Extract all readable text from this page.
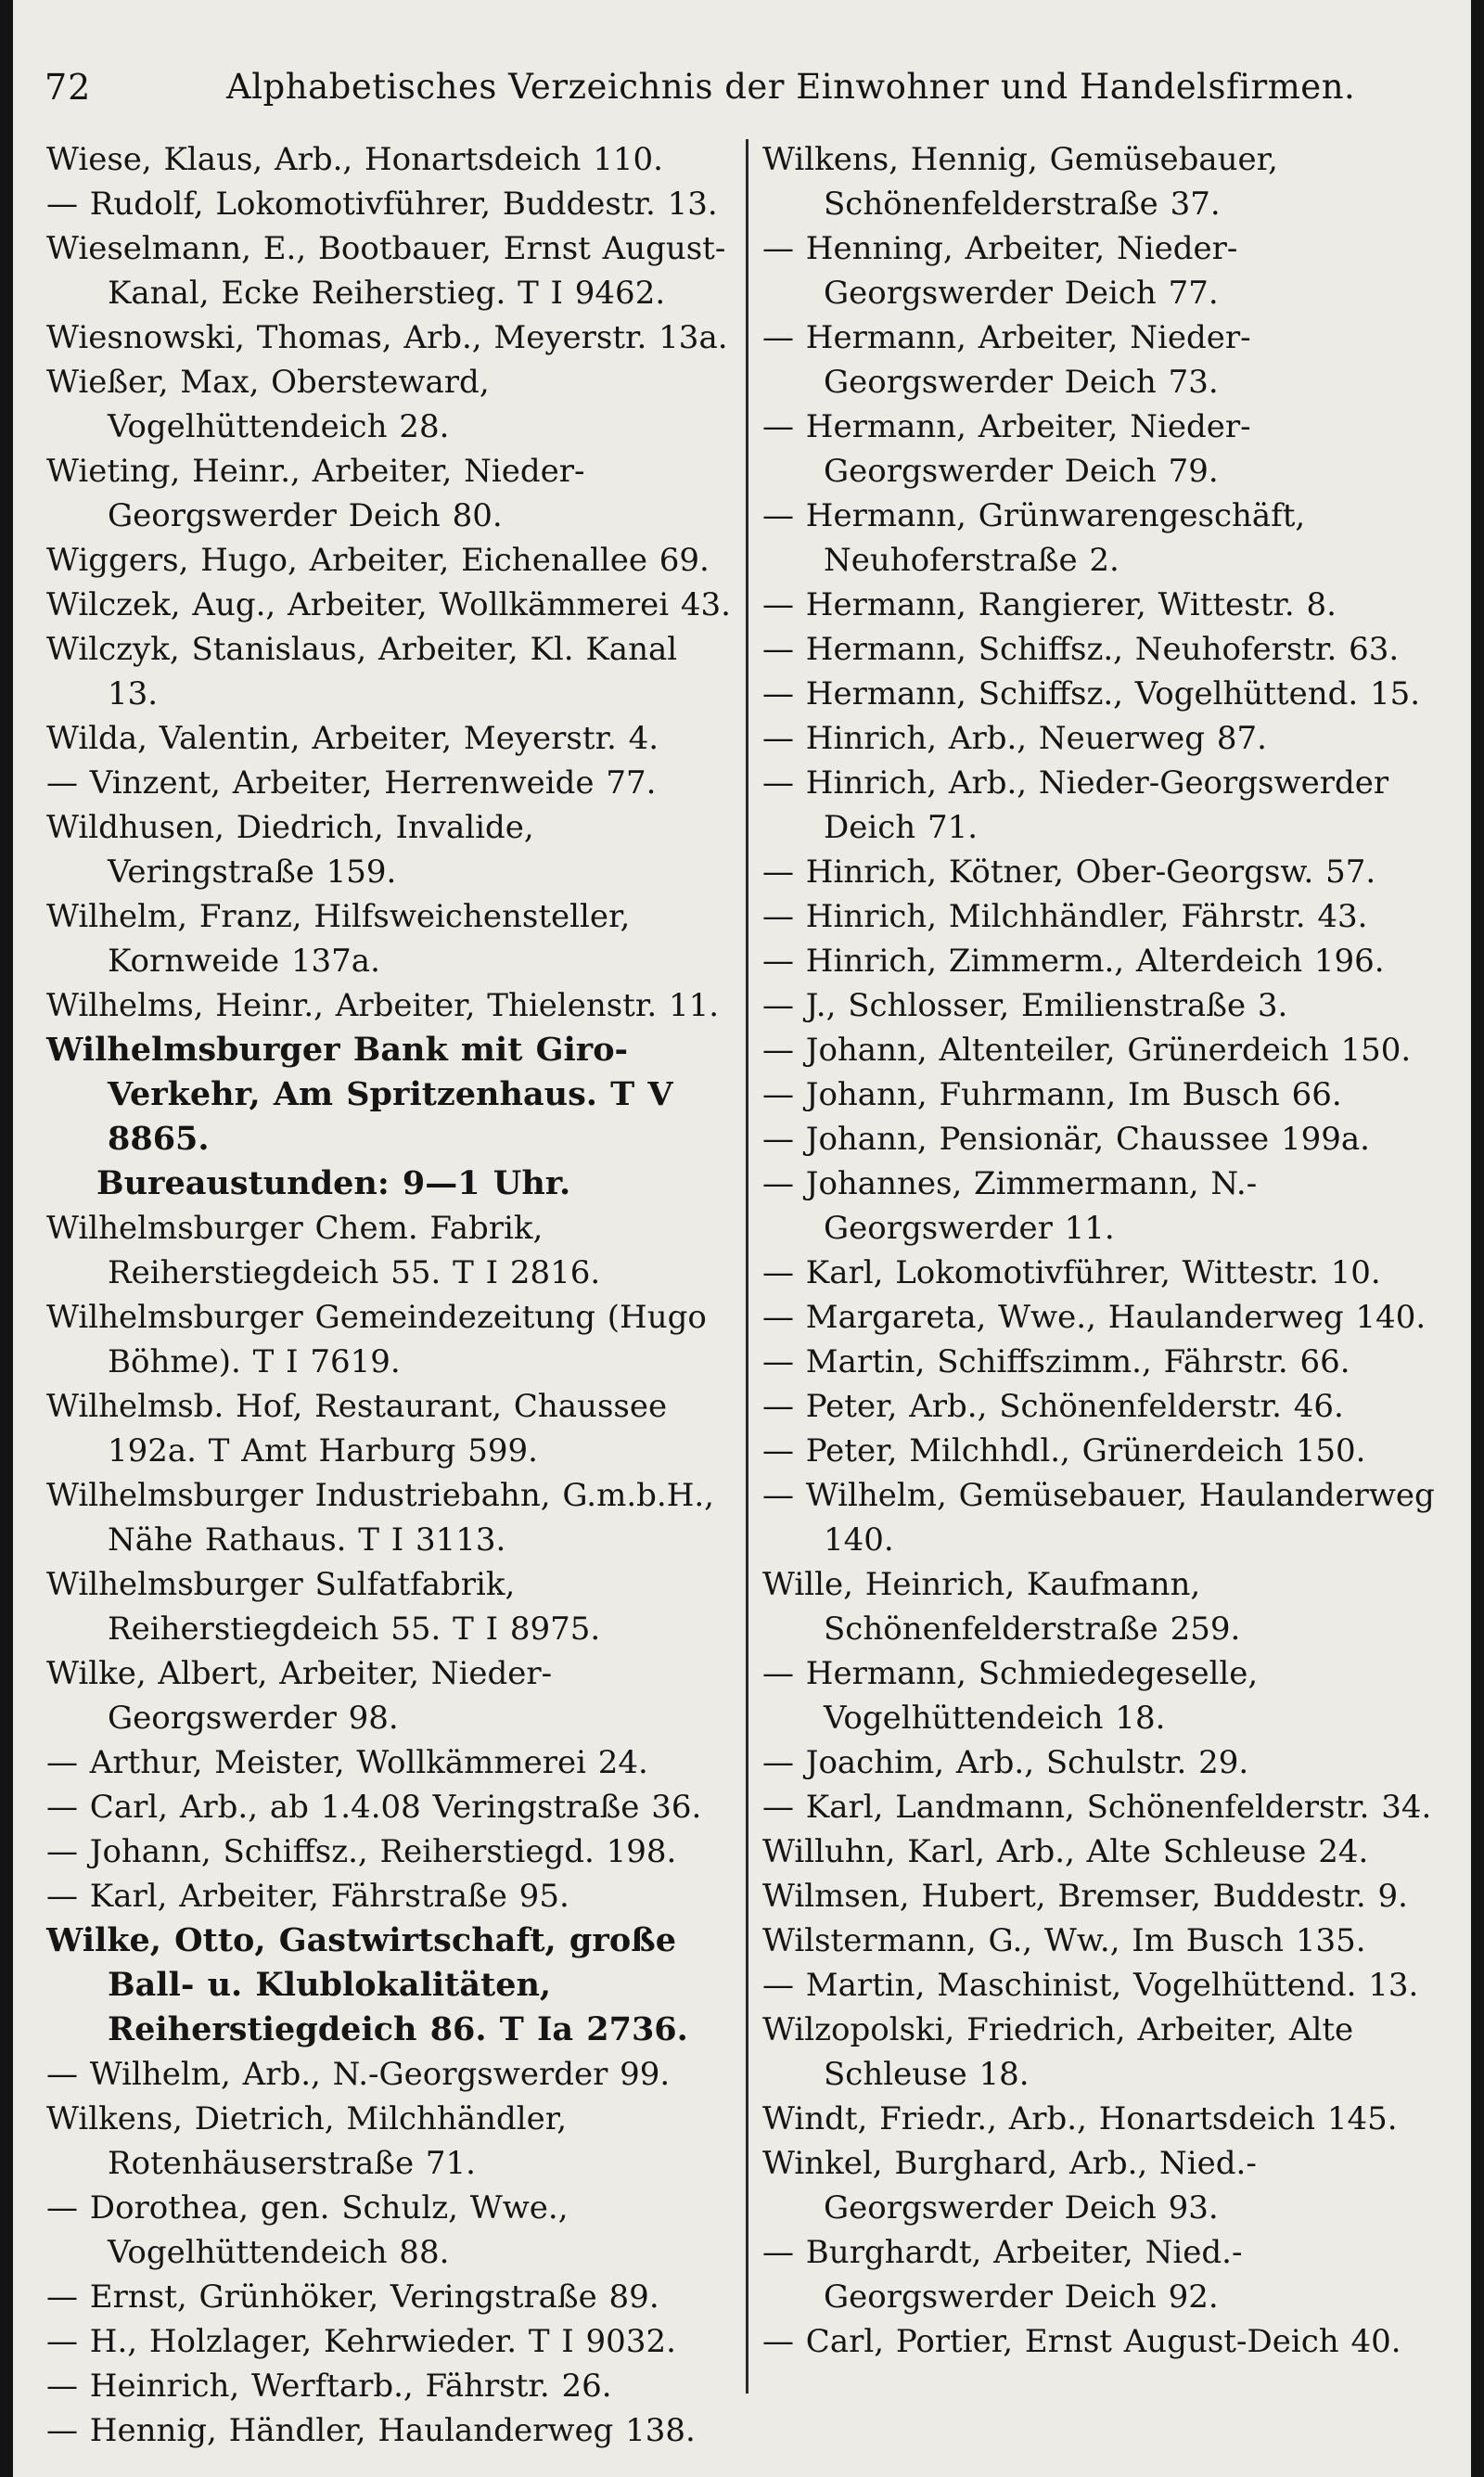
72	Alphabetisches Verzeichnis der Einwohner und Handelsfirmen.
Wiese, Klaus, Arb., Honartsdeich 110.
— Rudolf, Lokomotivführer, Buddestr. 13.
Wieselmann, E., Bootbauer, Ernst August-Kanal, Ecke Reiherstieg. T I 9462.
Wiesnowski, Thomas, Arb., Meyerstr. 13a.
Wießer, Max, Obersteward, Vogelhüttendeich 28.
Wieting, Heinr., Arbeiter, Nieder-Georgswerder Deich 80.
Wiggers, Hugo, Arbeiter, Eichenallee 69.
Wilczek, Aug., Arbeiter, Wollkämmerei 43.
Wilczyk, Stanislaus, Arbeiter, Kl. Kanal 13.
Wilda, Valentin, Arbeiter, Meyerstr. 4.
— Vinzent, Arbeiter, Herrenweide 77.
Wildhusen, Diedrich, Invalide, Veringstraße 159.
Wilhelm, Franz, Hilfsweichensteller, Kornweide 137a.
Wilhelms, Heinr., Arbeiter, Thielenstr. 11.
Wilhelmsburger Bank mit Giro-Verkehr, Am Spritzenhaus. T V 8865.
Bureaustunden: 9—1 Uhr.
Wilhelmsburger Chem. Fabrik, Reiherstiegdeich 55. T I 2816.
Wilhelmsburger Gemeindezeitung (Hugo Böhme). T I 7619.
Wilhelmsb. Hof, Restaurant, Chaussee 192a. T Amt Harburg 599.
Wilhelmsburger Industriebahn, G.m.b.H., Nähe Rathaus. T I 3113.
Wilhelmsburger Sulfatfabrik, Reiherstiegdeich 55. T I 8975.
Wilke, Albert, Arbeiter, Nieder-Georgswerder 98.
— Arthur, Meister, Wollkämmerei 24.
— Carl, Arb., ab 1.4.08 Veringstraße 36.
— Johann, Schiffsz., Reiherstiegd. 198.
— Karl, Arbeiter, Fährstraße 95.
Wilke, Otto, Gastwirtschaft, große Ball- u. Klublokalitäten, Reiherstiegdeich 86. T Ia 2736.
— Wilhelm, Arb., N.-Georgswerder 99.
Wilkens, Dietrich, Milchhändler, Rotenhäuserstraße 71.
— Dorothea, gen. Schulz, Wwe., Vogelhüttendeich 88.
— Ernst, Grünhöker, Veringstraße 89.
— H., Holzlager, Kehrwieder. T I 9032.
— Heinrich, Werftarb., Fährstr. 26.
— Hennig, Händler, Haulanderweg 138.
Wilkens, Hennig, Gemüsebauer, Schönenfelderstraße 37.
— Henning, Arbeiter, Nieder-Georgswerder Deich 77.
— Hermann, Arbeiter, Nieder-Georgswerder Deich 73.
— Hermann, Arbeiter, Nieder-Georgswerder Deich 79.
— Hermann, Grünwarengeschäft, Neuhoferstraße 2.
— Hermann, Rangierer, Wittestr. 8.
— Hermann, Schiffsz., Neuhoferstr. 63.
— Hermann, Schiffsz., Vogelhüttend. 15.
— Hinrich, Arb., Neuerweg 87.
— Hinrich, Arb., Nieder-Georgswerder Deich 71.
— Hinrich, Kötner, Ober-Georgsw. 57.
— Hinrich, Milchhändler, Fährstr. 43.
— Hinrich, Zimmerm., Alterdeich 196.
— J., Schlosser, Emilienstraße 3.
— Johann, Altenteiler, Grünerdeich 150.
— Johann, Fuhrmann, Im Busch 66.
— Johann, Pensionär, Chaussee 199a.
— Johannes, Zimmermann, N.-Georgswerder 11.
— Karl, Lokomotivführer, Wittestr. 10.
— Margareta, Wwe., Haulanderweg 140.
— Martin, Schiffszimm., Fährstr. 66.
— Peter, Arb., Schönenfelderstr. 46.
— Peter, Milchhdl., Grünerdeich 150.
— Wilhelm, Gemüsebauer, Haulanderweg 140.
Wille, Heinrich, Kaufmann, Schönenfelderstraße 259.
— Hermann, Schmiedegeselle, Vogelhüttendeich 18.
— Joachim, Arb., Schulstr. 29.
— Karl, Landmann, Schönenfelderstr. 34.
Willuhn, Karl, Arb., Alte Schleuse 24.
Wilmsen, Hubert, Bremser, Buddestr. 9.
Wilstermann, G., Ww., Im Busch 135.
— Martin, Maschinist, Vogelhüttend. 13.
Wilzopolski, Friedrich, Arbeiter, Alte Schleuse 18.
Windt, Friedr., Arb., Honartsdeich 145.
Winkel, Burghard, Arb., Nied.-Georgswerder Deich 93.
— Burghardt, Arbeiter, Nied.-Georgswerder Deich 92.
— Carl, Portier, Ernst August-Deich 40.
